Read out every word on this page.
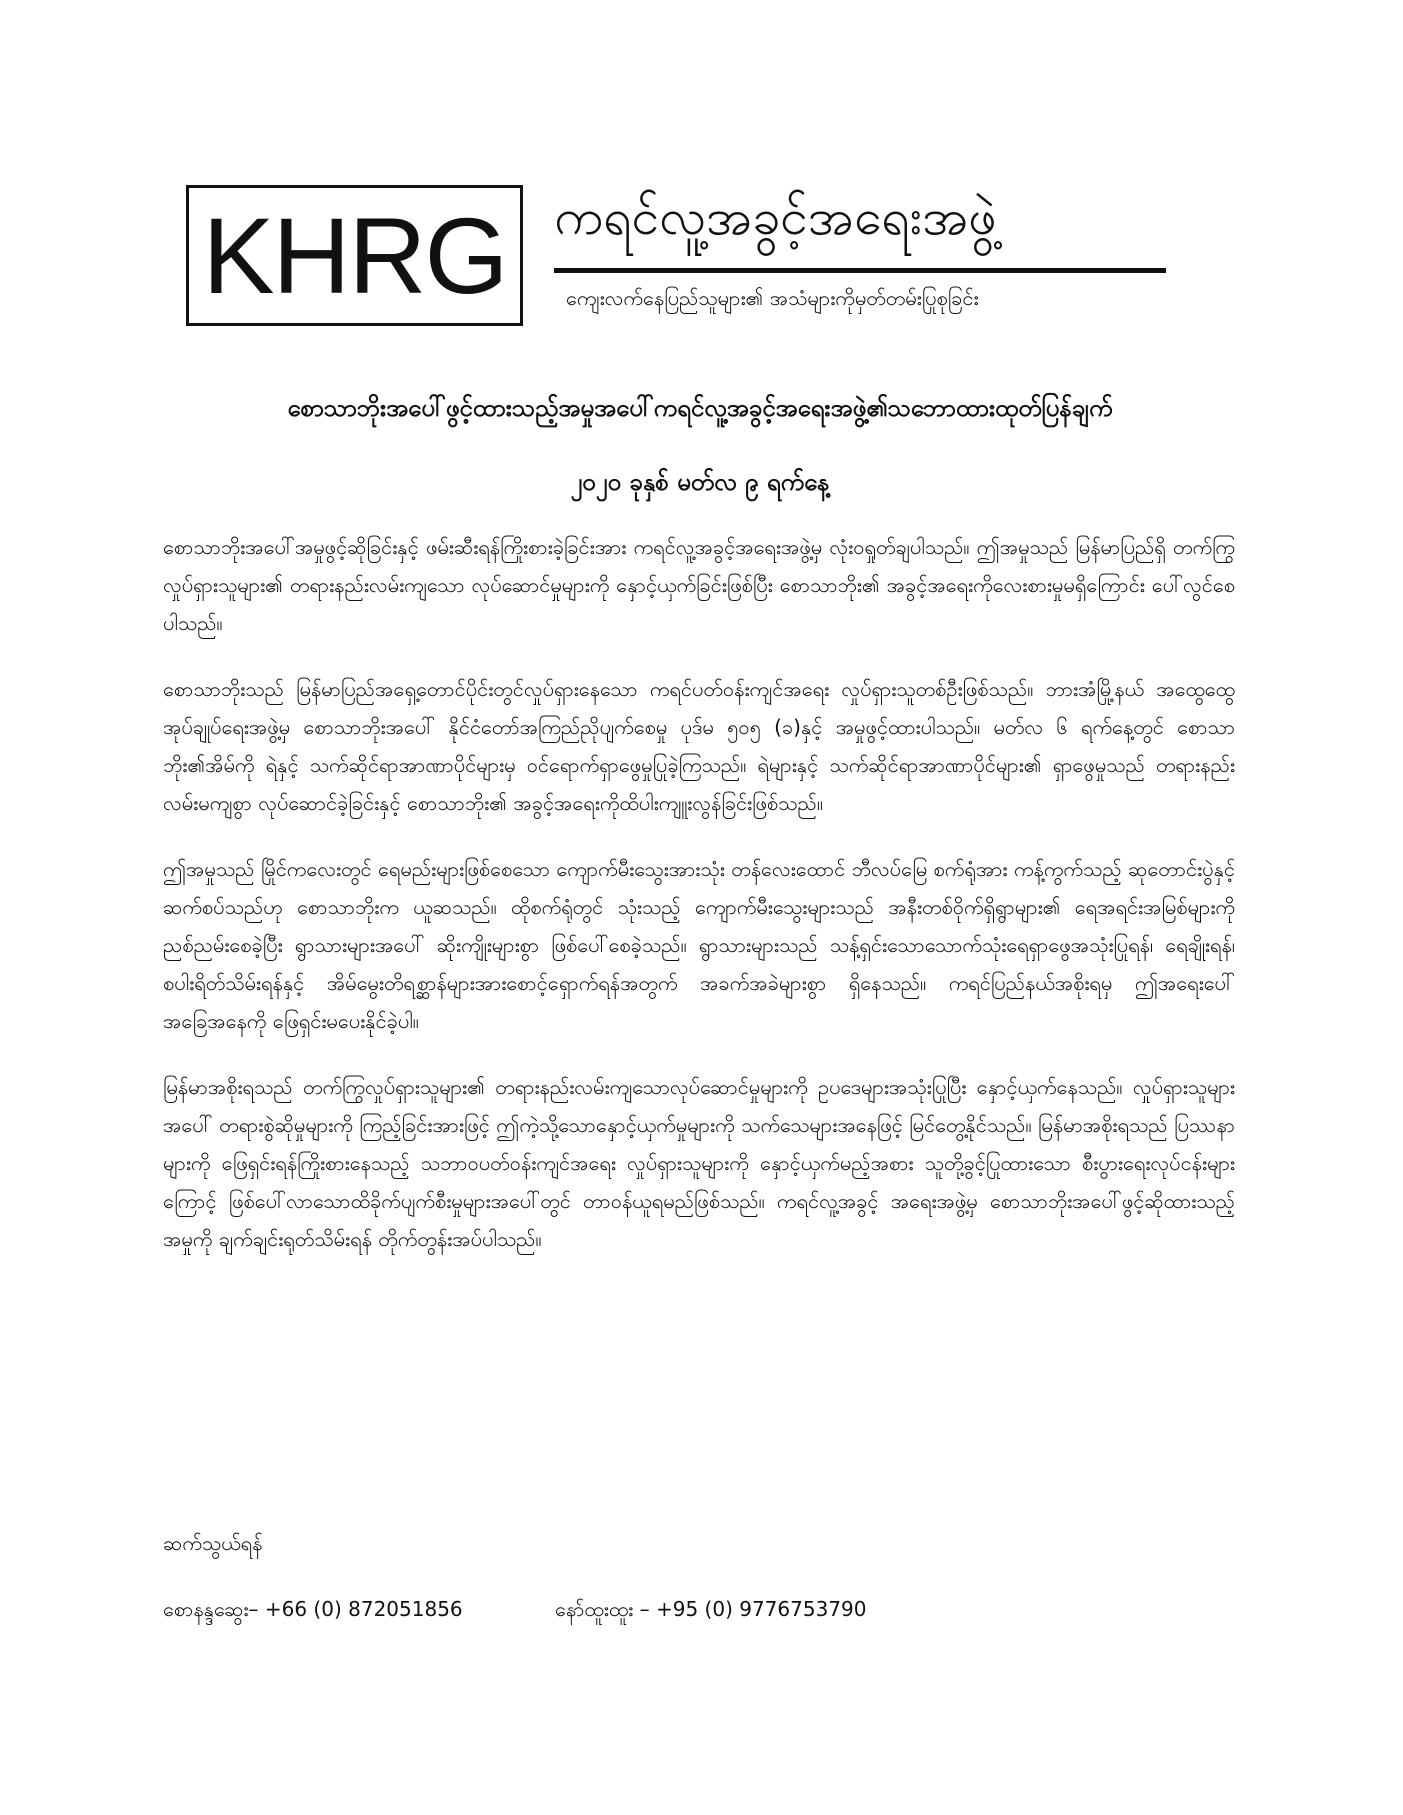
KHRG ကရင်လူ့အခွင့်အရေးအဖွဲ့
ကျေးလက်နေပြည်သူများ၏ အသံများကိုမှတ်တမ်းပြုစုခြင်း
စောသာဘိုးအပေါ်ဖွင့်ထားသည့်အမှုအပေါ်ကရင်လူ့အခွင့်အရေးအဖွဲ့၏သဘောထားထုတ်ပြန်ချက်
၂၀၂၀ ခုနှစ် မတ်လ ၉ ရက်နေ့

စောသာဘိုးအပေါ်အမှုဖွင့်ဆိုခြင်းနှင့် ဖမ်းဆီးရန်ကြိုးစားခဲ့ခြင်းအား ကရင်လူ့အခွင့်အရေးအဖွဲ့မှ လုံးဝရှုတ်ချပါသည်။ ဤအမှုသည် မြန်မာပြည်ရှိ တက်ကြွလှုပ်ရှားသူများ၏ တရားနည်းလမ်းကျသော လုပ်ဆောင်မှုများကို နှောင့်ယှက်ခြင်းဖြစ်ပြီး စောသာဘိုး၏ အခွင့်အရေးကိုလေးစားမှုမရှိကြောင်း ပေါ်လွင်စေပါသည်။

စောသာဘိုးသည် မြန်မာပြည်အရှေ့တောင်ပိုင်းတွင်လှုပ်ရှားနေသော ကရင်ပတ်ဝန်းကျင်အရေး လှုပ်ရှားသူတစ်ဦးဖြစ်သည်။ ဘားအံမြို့နယ် အထွေထွေအုပ်ချုပ်ရေးအဖွဲ့မှ စောသာဘိုးအပေါ် နိုင်ငံတော်အကြည်ညိုပျက်စေမှု ပုဒ်မ ၅၀၅ (ခ)နှင့် အမှုဖွင့်ထားပါသည်။ မတ်လ ၆ ရက်နေ့တွင် စောသာဘိုး၏အိမ်ကို ရဲနှင့် သက်ဆိုင်ရာအာဏာပိုင်များမှ ဝင်ရောက်ရှာဖွေမှုပြုခဲ့ကြသည်။ ရဲများနှင့် သက်ဆိုင်ရာအာဏာပိုင်များ၏ ရှာဖွေမှုသည် တရားနည်းလမ်းမကျစွာ လုပ်ဆောင်ခဲ့ခြင်းနှင့် စောသာဘိုး၏ အခွင့်အရေးကိုထိပါးကျူးလွန်ခြင်းဖြစ်သည်။

ဤအမှုသည် မြိုင်ကလေးတွင် ရေမည်းများဖြစ်စေသော ကျောက်မီးသွေးအားသုံး တန်လေးထောင် ဘီလပ်မြေ စက်ရုံအား ကန့်ကွက်သည့် ဆုတောင်းပွဲနှင့် ဆက်စပ်သည်ဟု စောသာဘိုးက ယူဆသည်။ ထိုစက်ရုံတွင် သုံးသည့် ကျောက်မီးသွေးများသည် အနီးတစ်ဝိုက်ရှိရွာများ၏ ရေအရင်းအမြစ်များကို ညစ်ညမ်းစေခဲ့ပြီး ရွာသားများအပေါ် ဆိုးကျိုးများစွာ ဖြစ်ပေါ်စေခဲ့သည်။ ရွာသားများသည် သန့်ရှင်းသောသောက်သုံးရေရှာဖွေအသုံးပြုရန်၊ ရေချိုးရန်၊ စပါးရိတ်သိမ်းရန်နှင့် အိမ်မွေးတိရစ္ဆာန်များအားစောင့်ရှောက်ရန်အတွက် အခက်အခဲများစွာ ရှိနေသည်။ ကရင်ပြည်နယ်အစိုးရမှ ဤအရေးပေါ်အခြေအနေကို ဖြေရှင်းမပေးနိုင်ခဲ့ပါ။

မြန်မာအစိုးရသည် တက်ကြွလှုပ်ရှားသူများ၏ တရားနည်းလမ်းကျသောလုပ်ဆောင်မှုများကို ဥပဒေများအသုံးပြုပြီး နှောင့်ယှက်နေသည်။ လှုပ်ရှားသူများအပေါ် တရားစွဲဆိုမှုများကို ကြည့်ခြင်းအားဖြင့် ဤကဲ့သို့သောနှောင့်ယှက်မှုများကို သက်သေများအနေဖြင့် မြင်တွေ့နိုင်သည်။ မြန်မာအစိုးရသည် ပြဿနာများကို ဖြေရှင်းရန်ကြိုးစားနေသည့် သဘာဝပတ်ဝန်းကျင်အရေး လှုပ်ရှားသူများကို နှောင့်ယှက်မည့်အစား သူတို့ခွင့်ပြုထားသော စီးပွားရေးလုပ်ငန်းများကြောင့် ဖြစ်ပေါ်လာသောထိခိုက်ပျက်စီးမှုများအပေါ်တွင် တာဝန်ယူရမည်ဖြစ်သည်။ ကရင်လူ့အခွင့် အရေးအဖွဲ့မှ စောသာဘိုးအပေါ်ဖွင့်ဆိုထားသည့်အမှုကို ချက်ချင်းရုတ်သိမ်းရန် တိုက်တွန်းအပ်ပါသည်။

ဆက်သွယ်ရန်
စောနန္ဒဆွေး– +66 (0) 872051856	နော်ထူးထူး – +95 (0) 9776753790
